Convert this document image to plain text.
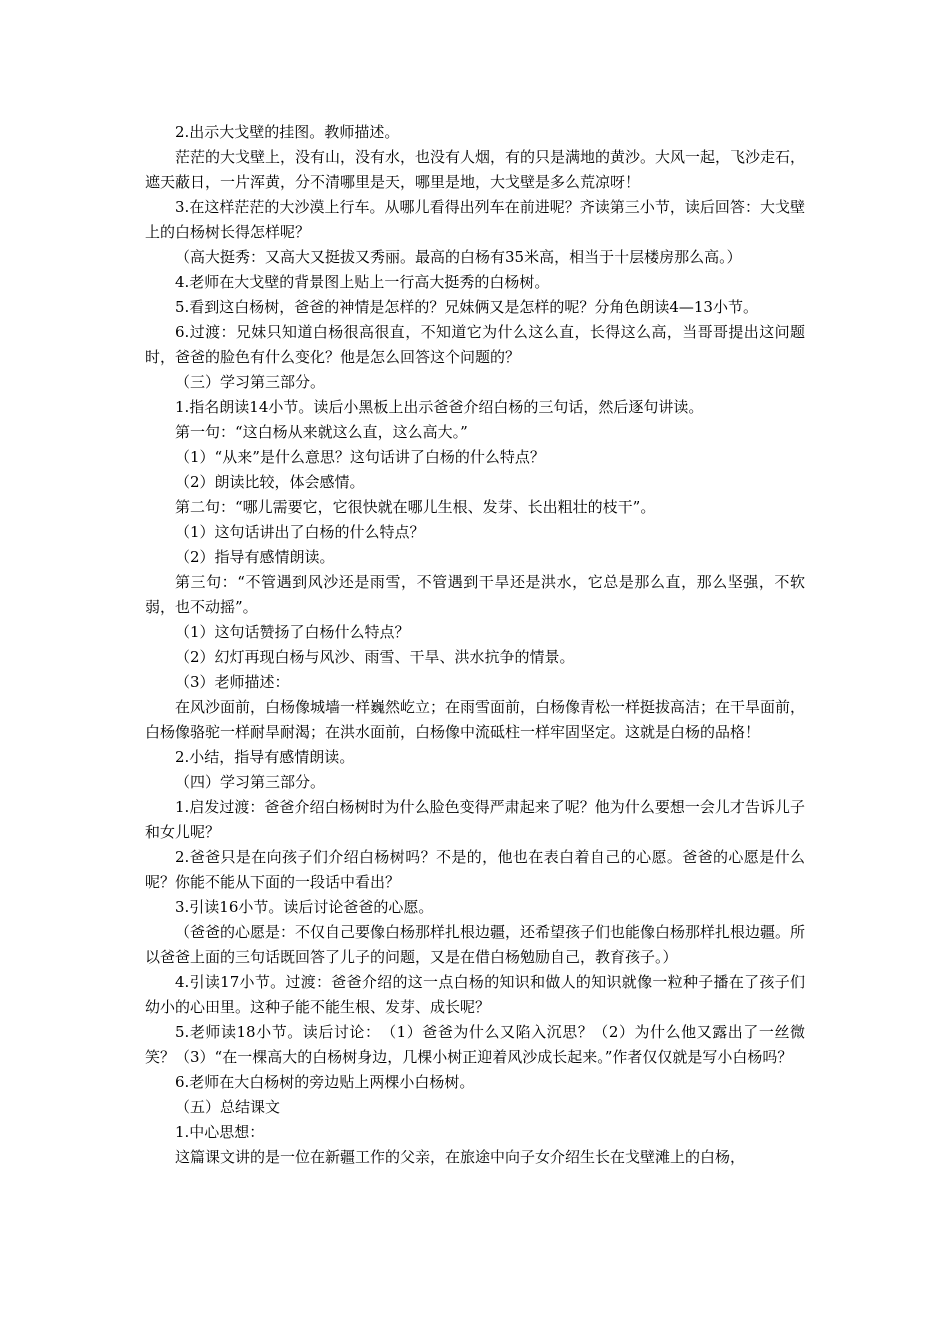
2.出示大戈壁的挂图。教师描述。

茫茫的大戈壁上，没有山，没有水，也没有人烟，有的只是满地的黄沙。大风一起，飞沙走石，遮天蔽日，一片浑黄，分不清哪里是天，哪里是地，大戈壁是多么荒凉呀！

3.在这样茫茫的大沙漠上行车。从哪儿看得出列车在前进呢？齐读第三小节，读后回答：大戈壁上的白杨树长得怎样呢？

（高大挺秀：又高大又挺拔又秀丽。最高的白杨有35米高，相当于十层楼房那么高。）

4.老师在大戈壁的背景图上贴上一行高大挺秀的白杨树。

5.看到这白杨树，爸爸的神情是怎样的？兄妹俩又是怎样的呢？分角色朗读4—13小节。

6.过渡：兄妹只知道白杨很高很直，不知道它为什么这么直，长得这么高，当哥哥提出这问题时，爸爸的脸色有什么变化？他是怎么回答这个问题的？

（三）学习第三部分。

1.指名朗读14小节。读后小黑板上出示爸爸介绍白杨的三句话，然后逐句讲读。

第一句：“这白杨从来就这么直，这么高大。”

（1）“从来”是什么意思？这句话讲了白杨的什么特点？

（2）朗读比较，体会感情。

第二句：“哪儿需要它，它很快就在哪儿生根、发芽、长出粗壮的枝干”。

（1）这句话讲出了白杨的什么特点？

（2）指导有感情朗读。

第三句：“不管遇到风沙还是雨雪，不管遇到干旱还是洪水，它总是那么直，那么坚强，不软弱，也不动摇”。

（1）这句话赞扬了白杨什么特点？

（2）幻灯再现白杨与风沙、雨雪、干旱、洪水抗争的情景。

（3）老师描述：

在风沙面前，白杨像城墙一样巍然屹立；在雨雪面前，白杨像青松一样挺拔高洁；在干旱面前，白杨像骆驼一样耐旱耐渴；在洪水面前，白杨像中流砥柱一样牢固坚定。这就是白杨的品格！

2.小结，指导有感情朗读。

（四）学习第三部分。

1.启发过渡：爸爸介绍白杨树时为什么脸色变得严肃起来了呢？他为什么要想一会儿才告诉儿子和女儿呢？

2.爸爸只是在向孩子们介绍白杨树吗？不是的，他也在表白着自己的心愿。爸爸的心愿是什么呢？你能不能从下面的一段话中看出？

3.引读16小节。读后讨论爸爸的心愿。

（爸爸的心愿是：不仅自己要像白杨那样扎根边疆，还希望孩子们也能像白杨那样扎根边疆。所以爸爸上面的三句话既回答了儿子的问题，又是在借白杨勉励自己，教育孩子。）

4.引读17小节。过渡：爸爸介绍的这一点白杨的知识和做人的知识就像一粒种子播在了孩子们幼小的心田里。这种子能不能生根、发芽、成长呢？

5.老师读18小节。读后讨论：　（1）爸爸为什么又陷入沉思？（2）为什么他又露出了一丝微笑？（3）“在一棵高大的白杨树身边，几棵小树正迎着风沙成长起来。”作者仅仅就是写小白杨吗？

6.老师在大白杨树的旁边贴上两棵小白杨树。

（五）总结课文

1.中心思想：

这篇课文讲的是一位在新疆工作的父亲，在旅途中向子女介绍生长在戈壁滩上的白杨，
